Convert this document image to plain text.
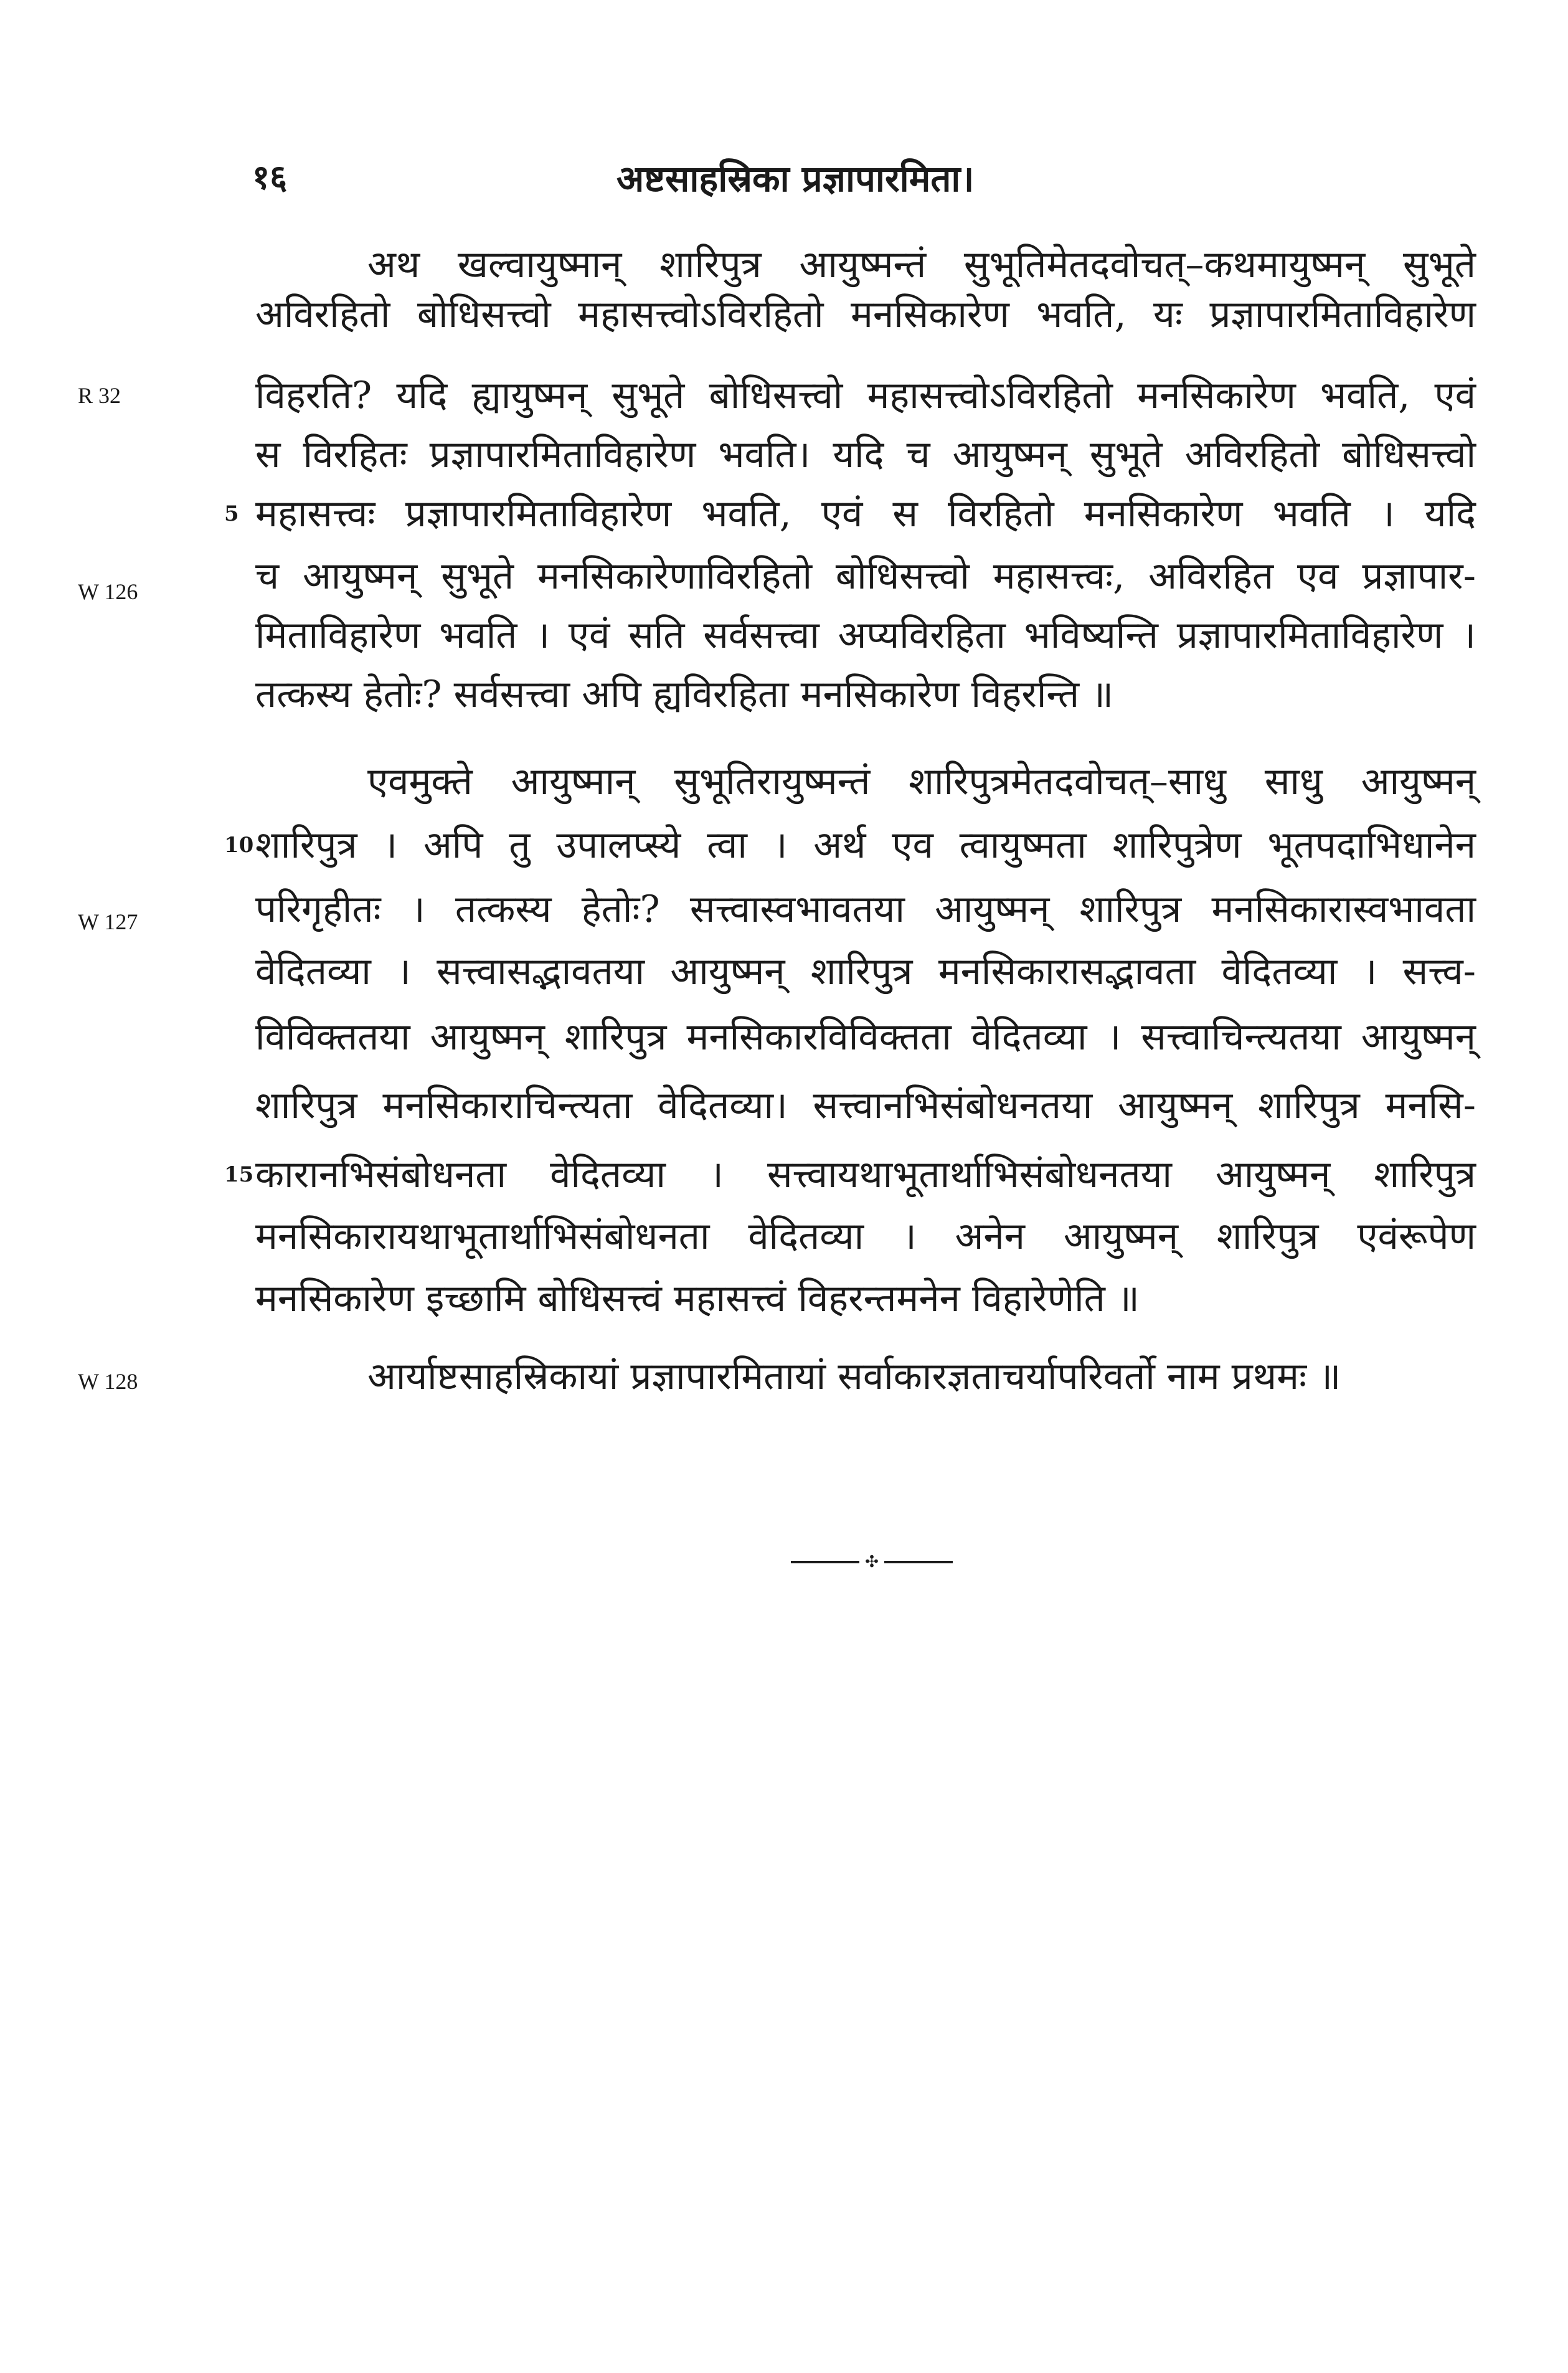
१६	अष्टसाहस्रिका प्रज्ञापारमिता।
R 32
W 126
W 127
W 128
5
10
15
अथ खल्वायुष्मान् शारिपुत्र आयुष्मन्तं सुभूतिमेतदवोचत्–कथमायुष्मन् सुभूते
अविरहितो बोधिसत्त्वो महासत्त्वोऽविरहितो मनसिकारेण भवति, यः प्रज्ञापारमिताविहारेण
विहरति? यदि ह्यायुष्मन् सुभूते बोधिसत्त्वो महासत्त्वोऽविरहितो मनसिकारेण भवति, एवं
स विरहितः प्रज्ञापारमिताविहारेण भवति। यदि च आयुष्मन् सुभूते अविरहितो बोधिसत्त्वो
महासत्त्वः प्रज्ञापारमिताविहारेण भवति, एवं स विरहितो मनसिकारेण भवति । यदि
च आयुष्मन् सुभूते मनसिकारेणाविरहितो बोधिसत्त्वो महासत्त्वः, अविरहित एव प्रज्ञापार-
मिताविहारेण भवति । एवं सति सर्वसत्त्वा अप्यविरहिता भविष्यन्ति प्रज्ञापारमिताविहारेण ।
तत्कस्य हेतोः? सर्वसत्त्वा अपि ह्यविरहिता मनसिकारेण विहरन्ति ॥
एवमुक्ते आयुष्मान् सुभूतिरायुष्मन्तं शारिपुत्रमेतदवोचत्–साधु साधु आयुष्मन्
शारिपुत्र । अपि तु उपालप्स्ये त्वा । अर्थ एव त्वायुष्मता शारिपुत्रेण भूतपदाभिधानेन
परिगृहीतः । तत्कस्य हेतोः? सत्त्वास्वभावतया आयुष्मन् शारिपुत्र मनसिकारास्वभावता
वेदितव्या । सत्त्वासद्भावतया आयुष्मन् शारिपुत्र मनसिकारासद्भावता वेदितव्या । सत्त्व-
विविक्ततया आयुष्मन् शारिपुत्र मनसिकारविविक्तता वेदितव्या । सत्त्वाचिन्त्यतया आयुष्मन्
शारिपुत्र मनसिकाराचिन्त्यता वेदितव्या। सत्त्वानभिसंबोधनतया आयुष्मन् शारिपुत्र मनसि-
कारानभिसंबोधनता वेदितव्या । सत्त्वायथाभूतार्थाभिसंबोधनतया आयुष्मन् शारिपुत्र
मनसिकारायथाभूतार्थाभिसंबोधनता वेदितव्या । अनेन आयुष्मन् शारिपुत्र एवंरूपेण
मनसिकारेण इच्छामि बोधिसत्त्वं महासत्त्वं विहरन्तमनेन विहारेणेति ॥
आर्याष्टसाहस्रिकायां प्रज्ञापारमितायां सर्वाकारज्ञताचर्यापरिवर्तो नाम प्रथमः ॥
✣
